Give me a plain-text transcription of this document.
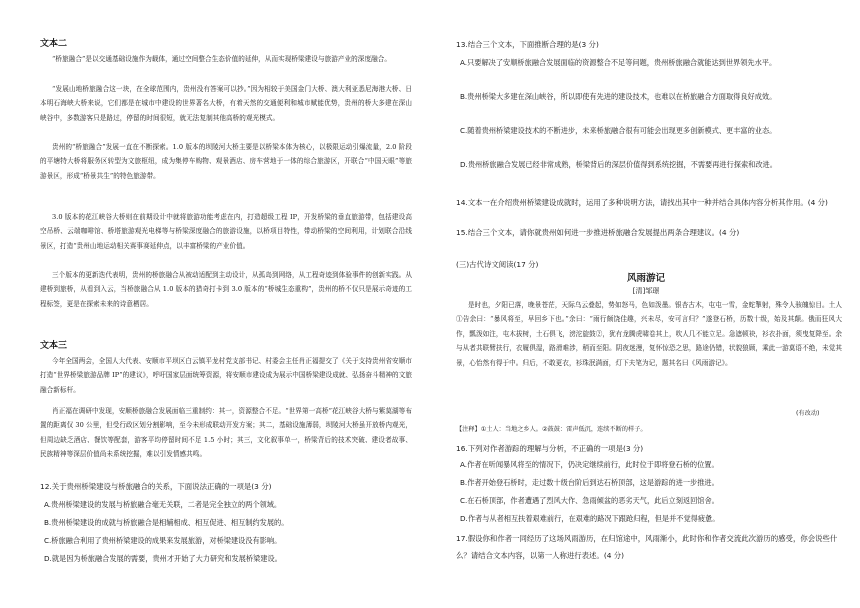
文本二
“桥旅融合”是以交通基础设施作为载体，通过空间整合生态价值的延伸，从而实现桥梁建设与旅游产业的深度融合。
“发展山地桥旅融合这一块，在全球范围内，贵州没有答案可以抄。”因为相较于美国金门大桥、澳大利亚悉尼海港大桥、日本明石海峡大桥来说，它们都是在城市中建设的世界著名大桥，有着天然的交通便利和城市赋能优势，贵州的桥大多建在深山峡谷中，多数游客只是路过，停留的时间很短，就无法复制其他高桥的观光模式。
贵州的“桥旅融合”发展一直在不断探索。1.0 版本的坝陵河大桥主要是以桥梁本体为核心，以极限运动引爆流量，2.0 阶段的平塘特大桥将服务区转型为文旅枢纽，成为集停车购物、观景酒店、房车营地于一体的综合旅游区，开联合“中国天眼”等旅游景区，形成“桥景共生”的特色旅游带。
3.0 版本的花江峡谷大桥则在前期设计中就将旅游功能考虑在内，打造超级工程 IP，开发桥梁的垂直旅游带，包括建设高空吊桥、云端咖啡馆、桥塔旅游观光电梯等与桥梁深度融合的旅游设施，以桥项目特性，带动桥梁的空间利用，计划联合沿线景区，打造“贵州山地运动相关赛事赛延伸点，以丰富桥梁的产业价值。
三个版本的更新迭代表明，贵州的桥旅融合从被动适配到主动设计，从孤岛到网络，从工程奇迹到体验事件的创新实践。从建桥到旅桥，从看到入云，当桥旅融合从 1.0 版本的猎奇打卡到 3.0 版本的“桥城生态重构”，贵州的桥不仅只是展示奇迹的工程标签，更是在探索未来的诗意栖居。
文本三
今年全国两会，全国人大代表、安顺市平坝区白云镇平龙村党支部书记、村委会主任肖正福提交了《关于支持贵州省安顺市打造“世界桥梁旅游品牌 IP”的建议》，呼吁国家层面统筹资源，将安顺市建设成为展示中国桥梁建设成就、弘扬奋斗精神的文旅融合新标杆。
肖正福在调研中发现，安顺桥旅融合发展面临三重制约：其一，资源整合不足。“世界第一高桥”花江峡谷大桥与紫莫湖等布置的距离仅 30 公里，但受行政区划分割影响，至今未形成联动开发方案；其二，基础设施薄弱，坝陵河大桥虽开放桥内观光，但周边缺乏酒店、餐饮等配套，游客平均停留时间不足 1.5 小时；其三，文化叙事单一，桥梁背后的技术突破、建设者故事、民族精神等深层价值尚未系统挖掘，难以引发情感共鸣。
12.关于贵州桥梁建设与桥旅融合的关系，下面说法正确的一项是(3 分)
A.贵州桥梁建设的发展与桥旅融合毫无关联，二者是完全独立的两个领域。
B.贵州桥梁建设的成就与桥旅融合是相辅相成、相互促进、相互制约发展的。
C.桥旅融合利用了贵州桥梁建设的成果来发展旅游，对桥梁建设没有影响。
D.就是因为桥旅融合发展的需要，贵州才开始了大力研究和发展桥梁建设。
13.结合三个文本，下面推断合理的是(3 分)
A.只要解决了安顺桥旅融合发展面临的资源整合不足等问题，贵州桥旅融合就能达到世界领先水平。
B.贵州桥梁大多建在深山峡谷，所以即使有先进的建设技术，也难以在桥旅融合方面取得良好成效。
C.随着贵州桥梁建设技术的不断进步，未来桥旅融合很有可能会出现更多创新模式、更丰富的业态。
D.贵州桥旅融合发展已经非常成熟，桥梁背后的深层价值得到系统挖掘，不需要再进行探索和改进。
14.文本一在介绍贵州桥梁建设成就时，运用了多种说明方法，请找出其中一种并结合具体内容分析其作用。(4 分)
15.结合三个文本，请你就贵州如何进一步推进桥旅融合发展提出两条合理建议。(4 分)
(三)古代诗文阅读(17 分)
风雨游记
[清]邹璟
是时也，夕阳已落，晚景苍茫，天际乌云叠起，势如怒马，色如泼墨。银杏古木，屯屯一雪，金蛇掣射，殊令人骇魄惊目。土人①告余曰：“暴风将至，早回乡下也。”余曰：“雨行颇饶佳趣，兴未尽，安可言归？”遂登石桥，历数十级，始及其颠。俄而狂风大作，瓢泼如注，屯木拔树，土石俱飞，滂沱旋鼓②，犹有龙腾虎啸卷其上，吹人几不能立足。急遮顿袂，衫衣扑面，须曳复降至。余与从者共联臂扶行，衣履俱湿，路滑难涉，稍而至阳。阴夜迷漫，复怀惊恐之思，路途仍错，状貌狼顾，乘此一游莫语不绝，未觉其景，心怡然有得于中。归后，不敢更衣，衫珠泯满面，灯下夫笔为记，题其名曰《风雨游记》。
(有改动)
【注释】①土人：当地之乡人。②鼓鼓：雷声低沉，连续不断的样子。
16.下列对作者游踪的理解与分析，不正确的一项是(3 分)
A.作者在听闻暴风将至的情况下，仍决定继续前行，此时位于即将登石桥的位置。
B.作者开始登石桥时，走过数十级台阶后到达石桥顶部，这是游踪的进一步推进。
C.在石桥顶部，作者遭遇了烈风大作、急雨倾盆的恶劣天气，此后立刻返回馆舍。
D.作者与从者相互扶着艰难前行，在艰难的路况下跟跄归程，但是并不觉得疲惫。
17.假设你和作者一同经历了这场风雨游历，在归馆途中，风雨渐小，此时你和作者交流此次游历的感受，你会说些什么？请结合文本内容，以第一人称进行表述。(4 分)
